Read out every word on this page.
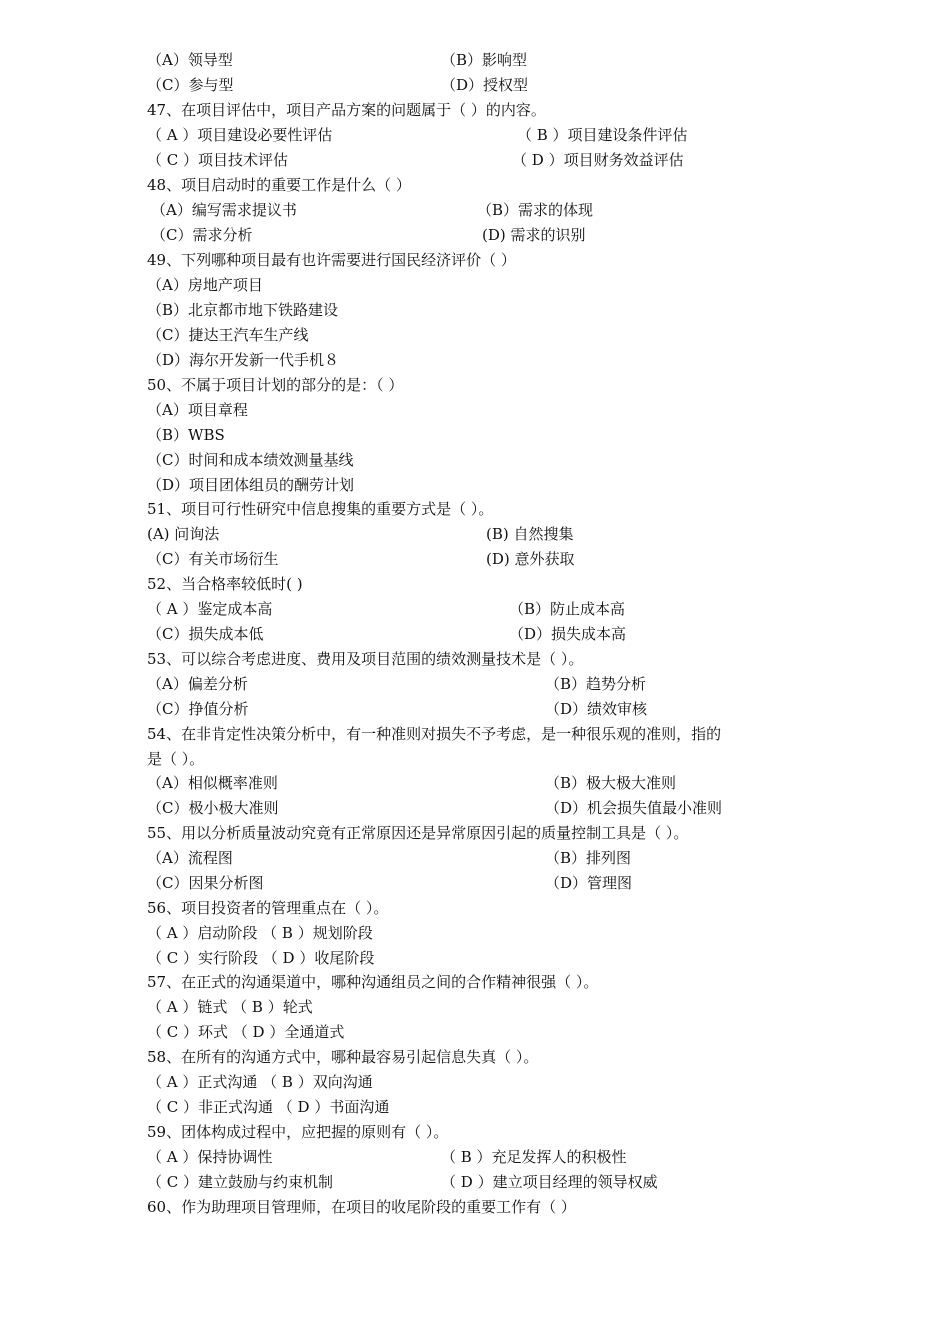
（A）领导型	（B）影响型
（C）参与型	（D）授权型
47、在项目评估中，项目产品方案的问题属于（ ）的内容。
（ A ）项目建设必要性评估	（ B ）项目建设条件评估
（ C ）项目技术评估	（ D ）项目财务效益评估
48、项目启动时的重要工作是什么（ ）
（A）编写需求提议书	（B）需求的体现
（C）需求分析	(D) 需求的识别
49、下列哪种项目最有也许需要进行国民经济评价（ ）
（A）房地产项目
（B）北京都市地下铁路建设
（C）捷达王汽车生产线
（D）海尔开发新一代手机８
50、不属于项目计划的部分的是：（ ）
（A）项目章程
（B）WBS
（C）时间和成本绩效测量基线
（D）项目团体组员的酬劳计划
51、项目可行性研究中信息搜集的重要方式是（ ）。
(A) 问询法	(B) 自然搜集
（C）有关市场衍生	(D) 意外获取
52、当合格率较低时( )
（ A ）鉴定成本高	（B）防止成本高
（C）损失成本低	（D）损失成本高
53、可以综合考虑进度、费用及项目范围的绩效测量技术是（ ）。
（A）偏差分析	（B）趋势分析
（C）挣值分析	（D）绩效审核
54、在非肯定性决策分析中，有一种准则对损失不予考虑，是一种很乐观的准则，指的
是（ ）。
（A）相似概率准则	（B）极大极大准则
（C）极小极大准则	（D）机会损失值最小准则
55、用以分析质量波动究竟有正常原因还是异常原因引起的质量控制工具是（ ）。
（A）流程图	（B）排列图
（C）因果分析图	（D）管理图
56、项目投资者的管理重点在（ ）。
（ A ）启动阶段 （ B ）规划阶段
（ C ）实行阶段 （ D ）收尾阶段
57、在正式的沟通渠道中，哪种沟通组员之间的合作精神很强（ ）。
（ A ）链式 （ B ）轮式
（ C ）环式 （ D ）全通道式
58、在所有的沟通方式中，哪种最容易引起信息失真（ ）。
（ A ）正式沟通 （ B ）双向沟通
（ C ）非正式沟通 （ D ）书面沟通
59、团体构成过程中，应把握的原则有（ ）。
（ A ）保持协调性	（ B ）充足发挥人的积极性
（ C ）建立鼓励与约束机制	（ D ）建立项目经理的领导权威
60、作为助理项目管理师，在项目的收尾阶段的重要工作有（ ）
